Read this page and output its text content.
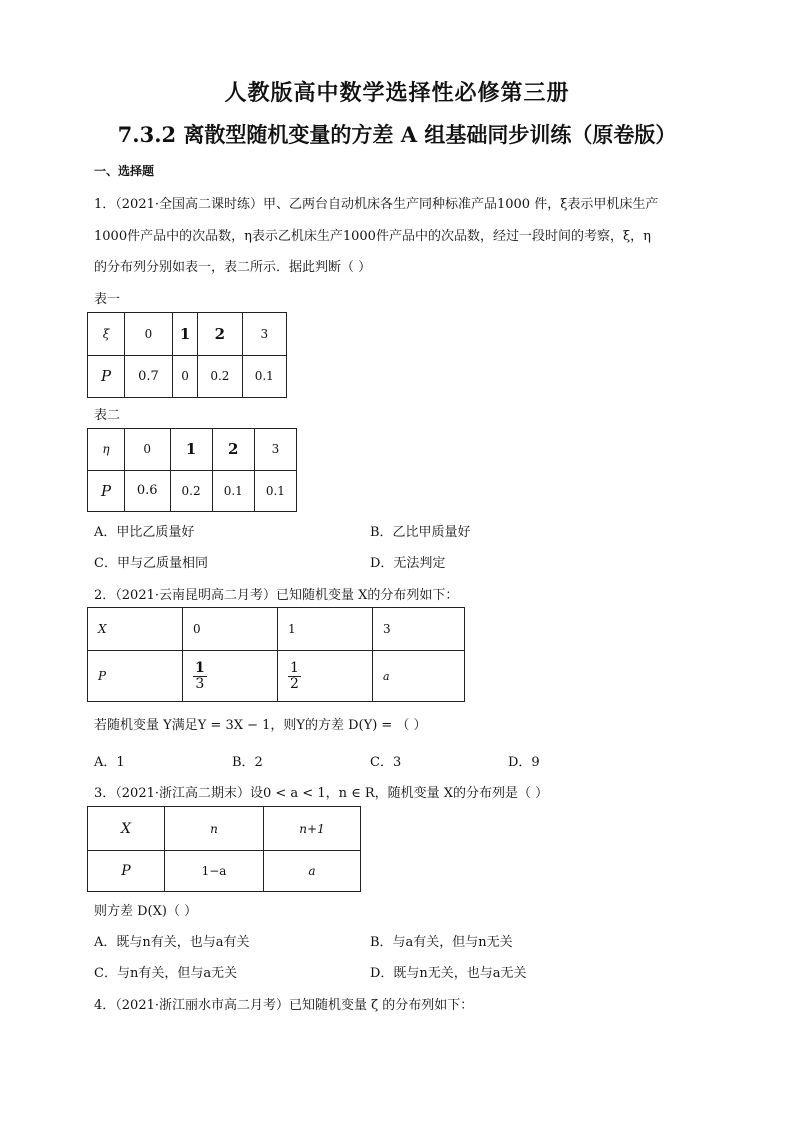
人教版高中数学选择性必修第三册
7.3.2 离散型随机变量的方差 A 组基础同步训练（原卷版）
一、选择题
1．（2021·全国高二课时练）甲、乙两台自动机床各生产同种标准产品1000 件，ξ表示甲机床生产
1000件产品中的次品数，η表示乙机床生产1000件产品中的次品数，经过一段时间的考察，ξ，η
的分布列分别如表一，表二所示．据此判断（ ）
表一
ξ	0	1	2	3
P	0.7	0	0.2	0.1
表二
η	0	1	2	3
P	0.6	0.2	0.1	0.1
A．甲比乙质量好	B．乙比甲质量好
C．甲与乙质量相同	D．无法判定
2．（2021·云南昆明高二月考）已知随机变量 X的分布列如下：
X	0	1	3
P	$\frac{1}{3}$	$\frac{1}{2}$	a
若随机变量 Y满足Y = 3X − 1，则Y的方差 D(Y) = （ ）
A．1	B．2	C．3	D．9
3．（2021·浙江高二期末）设0 < a < 1，n ∈ R，随机变量 X的分布列是（ ）
X	n	n+1
P	1−a	a
则方差 D(X)（ ）
A．既与n有关，也与a有关	B．与a有关，但与n无关
C．与n有关，但与a无关	D．既与n无关，也与a无关
4．（2021·浙江丽水市高二月考）已知随机变量 ζ 的分布列如下：
